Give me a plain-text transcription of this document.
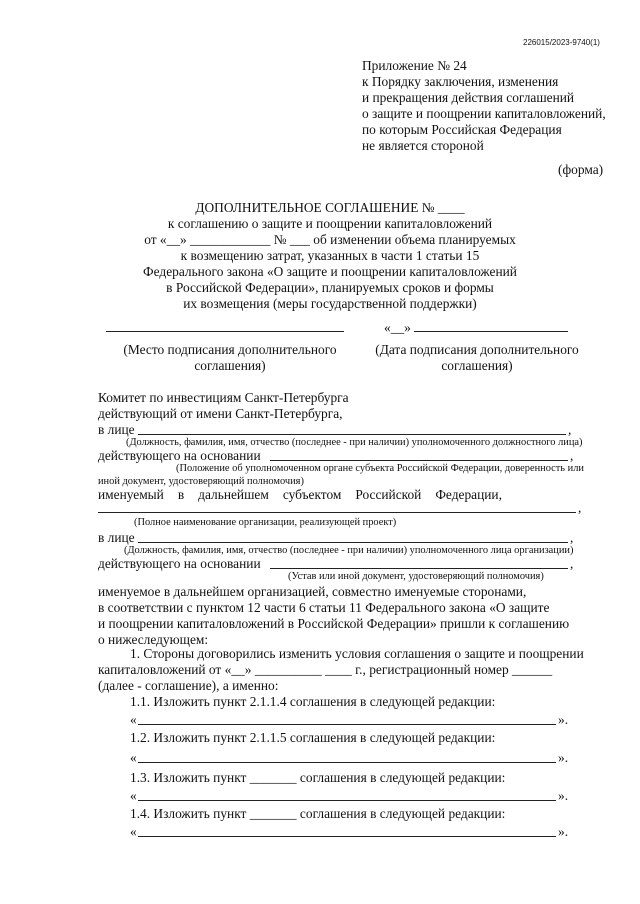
226015/2023-9740(1)
Приложение № 24
к Порядку заключения, изменения
и прекращения действия соглашений
о защите и поощрении капиталовложений,
по которым Российская Федерация
не является стороной
(форма)
ДОПОЛНИТЕЛЬНОЕ СОГЛАШЕНИЕ № ____
к соглашению о защите и поощрении капиталовложений
от «__» ____________ № ___ об изменении объема планируемых
к возмещению затрат, указанных в части 1 статьи 15
Федерального закона «О защите и поощрении капиталовложений
в Российской Федерации», планируемых сроков и формы
их возмещения (меры государственной поддержки)
«__»
(Место подписания дополнительного
соглашения)
(Дата подписания дополнительного
соглашения)
Комитет по инвестициям Санкт-Петербурга
действующий от имени Санкт-Петербурга,
в лице	,
(Должность, фамилия, имя, отчество (последнее - при наличии) уполномоченного должностного лица)
действующего на основании	,
(Положение об уполномоченном органе субъекта Российской Федерации, доверенность или
иной документ, удостоверяющий полномочия)
именуемый в дальнейшем субъектом Российской Федерации,
,
(Полное наименование организации, реализующей проект)
в лице	,
(Должность, фамилия, имя, отчество (последнее - при наличии) уполномоченного лица организации)
действующего на основании	,
(Устав или иной документ, удостоверяющий полномочия)
именуемое в дальнейшем организацией, совместно именуемые сторонами,
в соответствии с пунктом 12 части 6 статьи 11 Федерального закона «О защите
и поощрении капиталовложений в Российской Федерации» пришли к соглашению
о нижеследующем:
1. Стороны договорились изменить условия соглашения о защите и поощрении
капиталовложений от «__» __________ ____ г., регистрационный номер ______
(далее - соглашение), а именно:
1.1. Изложить пункт 2.1.1.4 соглашения в следующей редакции:
«	».
1.2. Изложить пункт 2.1.1.5 соглашения в следующей редакции:
«	».
1.3. Изложить пункт _______ соглашения в следующей редакции:
«	».
1.4. Изложить пункт _______ соглашения в следующей редакции:
«	».
